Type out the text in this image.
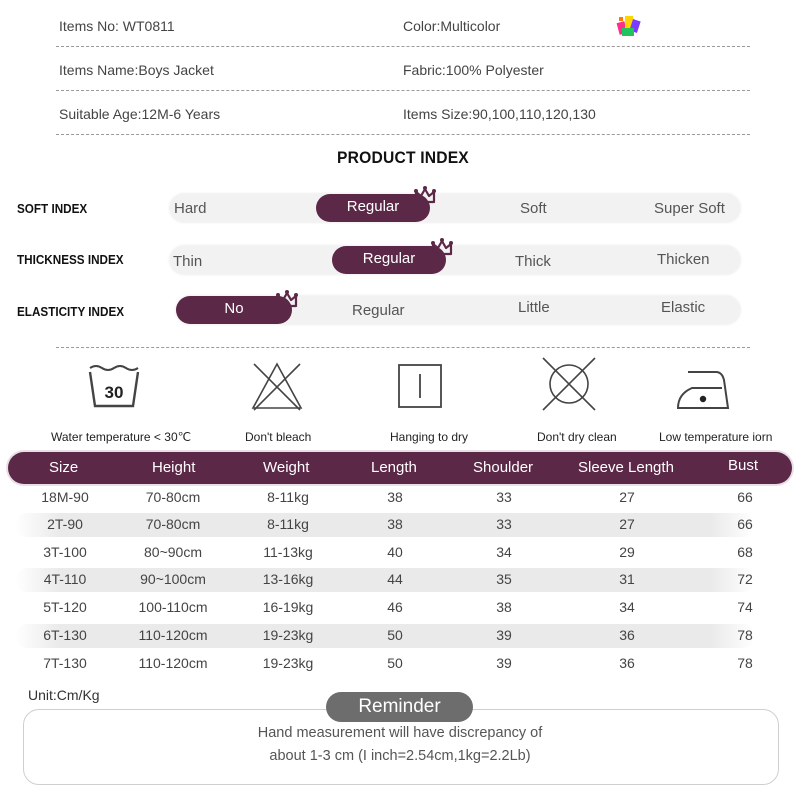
Items No: WT0811	Color:Multicolor
Items Name:Boys Jacket	Fabric:100% Polyester
Suitable Age:12M-6 Years	Items Size:90,100,110,120,130
PRODUCT INDEX
SOFT INDEX	Hard	Regular	Soft	Super Soft
THICKNESS INDEX	Thin	Regular	Thick	Thicken
ELASTICITY INDEX	No	Regular	Little	Elastic
30
Water temperature < 30℃	Don't bleach	Hanging to dry	Don't dry clean	Low temperature iorn
Size	Height	Weight	Length	Shoulder	Sleeve Length	Bust
18M-90	70-80cm	8-11kg	38	33	27	66
2T-90	70-80cm	8-11kg	38	33	27	66
3T-100	80~90cm	11-13kg	40	34	29	68
4T-110	90~100cm	13-16kg	44	35	31	72
5T-120	100-110cm	16-19kg	46	38	34	74
6T-130	110-120cm	19-23kg	50	39	36	78
7T-130	110-120cm	19-23kg	50	39	36	78
Unit:Cm/Kg
Reminder
Hand measurement will have discrepancy of
about 1-3 cm (I inch=2.54cm,1kg=2.2Lb)
